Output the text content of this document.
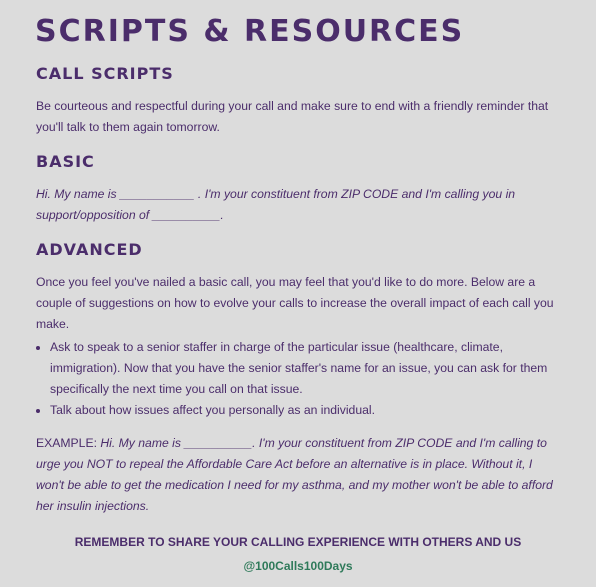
SCRIPTS & RESOURCES
CALL SCRIPTS

Be courteous and respectful during your call and make sure to end with a friendly reminder that you'll talk to them again tomorrow.

BASIC

Hi. My name is ___________ . I'm your constituent from ZIP CODE and I'm calling you in support/opposition of __________.

ADVANCED

Once you feel you've nailed a basic call, you may feel that you'd like to do more. Below are a couple of suggestions on how to evolve your calls to increase the overall impact of each call you make.

• Ask to speak to a senior staffer in charge of the particular issue (healthcare, climate, immigration). Now that you have the senior staffer's name for an issue, you can ask for them specifically the next time you call on that issue.
• Talk about how issues affect you personally as an individual.

EXAMPLE: Hi. My name is __________. I'm your constituent from ZIP CODE and I'm calling to urge you NOT to repeal the Affordable Care Act before an alternative is in place. Without it, I won't be able to get the medication I need for my asthma, and my mother won't be able to afford her insulin injections.

REMEMBER TO SHARE YOUR CALLING EXPERIENCE WITH OTHERS AND US
@100Calls100Days
